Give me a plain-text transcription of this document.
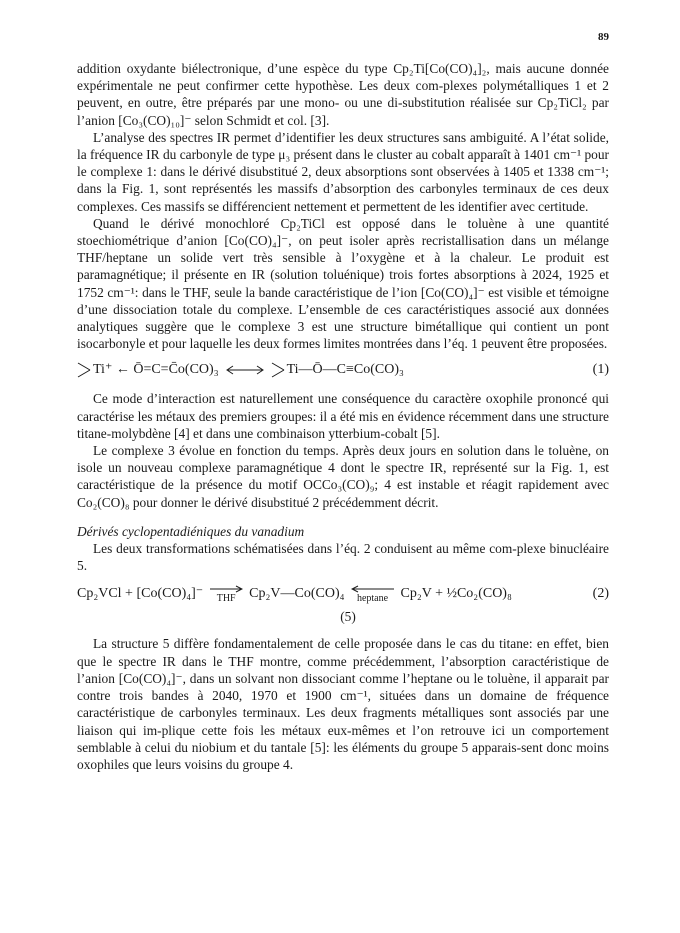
89

addition oxydante biélectronique, d’une espèce du type Cp₂Ti[Co(CO)₄]₂, mais aucune donnée expérimentale ne peut confirmer cette hypothèse. Les deux com-plexes polymétalliques 1 et 2 peuvent, en outre, être préparés par une mono- ou une di-substitution réalisée sur Cp₂TiCl₂ par l’anion [Co₃(CO)₁₀]⁻ selon Schmidt et col. [3].

L’analyse des spectres IR permet d’identifier les deux structures sans ambiguité. A l’état solide, la fréquence IR du carbonyle de type μ₃ présent dans le cluster au cobalt apparaît à 1401 cm⁻¹ pour le complexe 1: dans le dérivé disubstitué 2, deux absorptions sont observées à 1405 et 1338 cm⁻¹; dans la Fig. 1, sont représentés les massifs d’absorption des carbonyles terminaux de ces deux complexes. Ces massifs se différencient nettement et permettent de les identifier avec certitude.

Quand le dérivé monochloré Cp₂TiCl est opposé dans le toluène à une quantité stoechiométrique d’anion [Co(CO)₄]⁻, on peut isoler après recristallisation dans un mélange THF/heptane un solide vert très sensible à l’oxygène et à la chaleur. Le produit est paramagnétique; il présente en IR (solution toluénique) trois fortes absorptions à 2024, 1925 et 1752 cm⁻¹: dans le THF, seule la bande caractéristique de l’ion [Co(CO)₄]⁻ est visible et témoigne d’une dissociation totale du complexe. L’ensemble de ces caractéristiques associé aux données analytiques suggère que le complexe 3 est une structure bimétallique qui contient un pont isocarbonyle et pour laquelle les deux formes limites montrées dans l’éq. 1 peuvent être proposées.

Ti⁺ ← Ō=C=C̄o(CO)₃	Ti—Ō—C≡Co(CO)₃	(1)

Ce mode d’interaction est naturellement une conséquence du caractère oxophile prononcé qui caractérise les métaux des premiers groupes: il a été mis en évidence récemment dans une structure titane-molybdène [4] et dans une combinaison ytterbium-cobalt [5].

Le complexe 3 évolue en fonction du temps. Après deux jours en solution dans le toluène, on isole un nouveau complexe paramagnétique 4 dont le spectre IR, représenté sur la Fig. 1, est caractéristique de la présence du motif OCCo₃(CO)₉; 4 est instable et réagit rapidement avec Co₂(CO)₈ pour donner le dérivé disubstitué 2 précédemment décrit.

Dérivés cyclopentadiéniques du vanadium

Les deux transformations schématisées dans l’éq. 2 conduisent au même com-plexe binucléaire 5.

Cp₂VCl + [Co(CO)₄]⁻ THF Cp₂V—Co(CO)₄ heptane Cp₂V + ½Co₂(CO)₈	(2)
(5)

La structure 5 diffère fondamentalement de celle proposée dans le cas du titane: en effet, bien que le spectre IR dans le THF montre, comme précédemment, l’absorption caractéristique de l’anion [Co(CO)₄]⁻, dans un solvant non dissociant comme l’heptane ou le toluène, il apparait par contre trois bandes à 2040, 1970 et 1900 cm⁻¹, situées dans un domaine de fréquence caractéristique de carbonyles terminaux. Les deux fragments métalliques sont associés par une liaison qui im-plique cette fois les métaux eux-mêmes et l’on retrouve ici un comportement semblable à celui du niobium et du tantale [5]: les éléments du groupe 5 apparais-sent donc moins oxophiles que leurs voisins du groupe 4.
